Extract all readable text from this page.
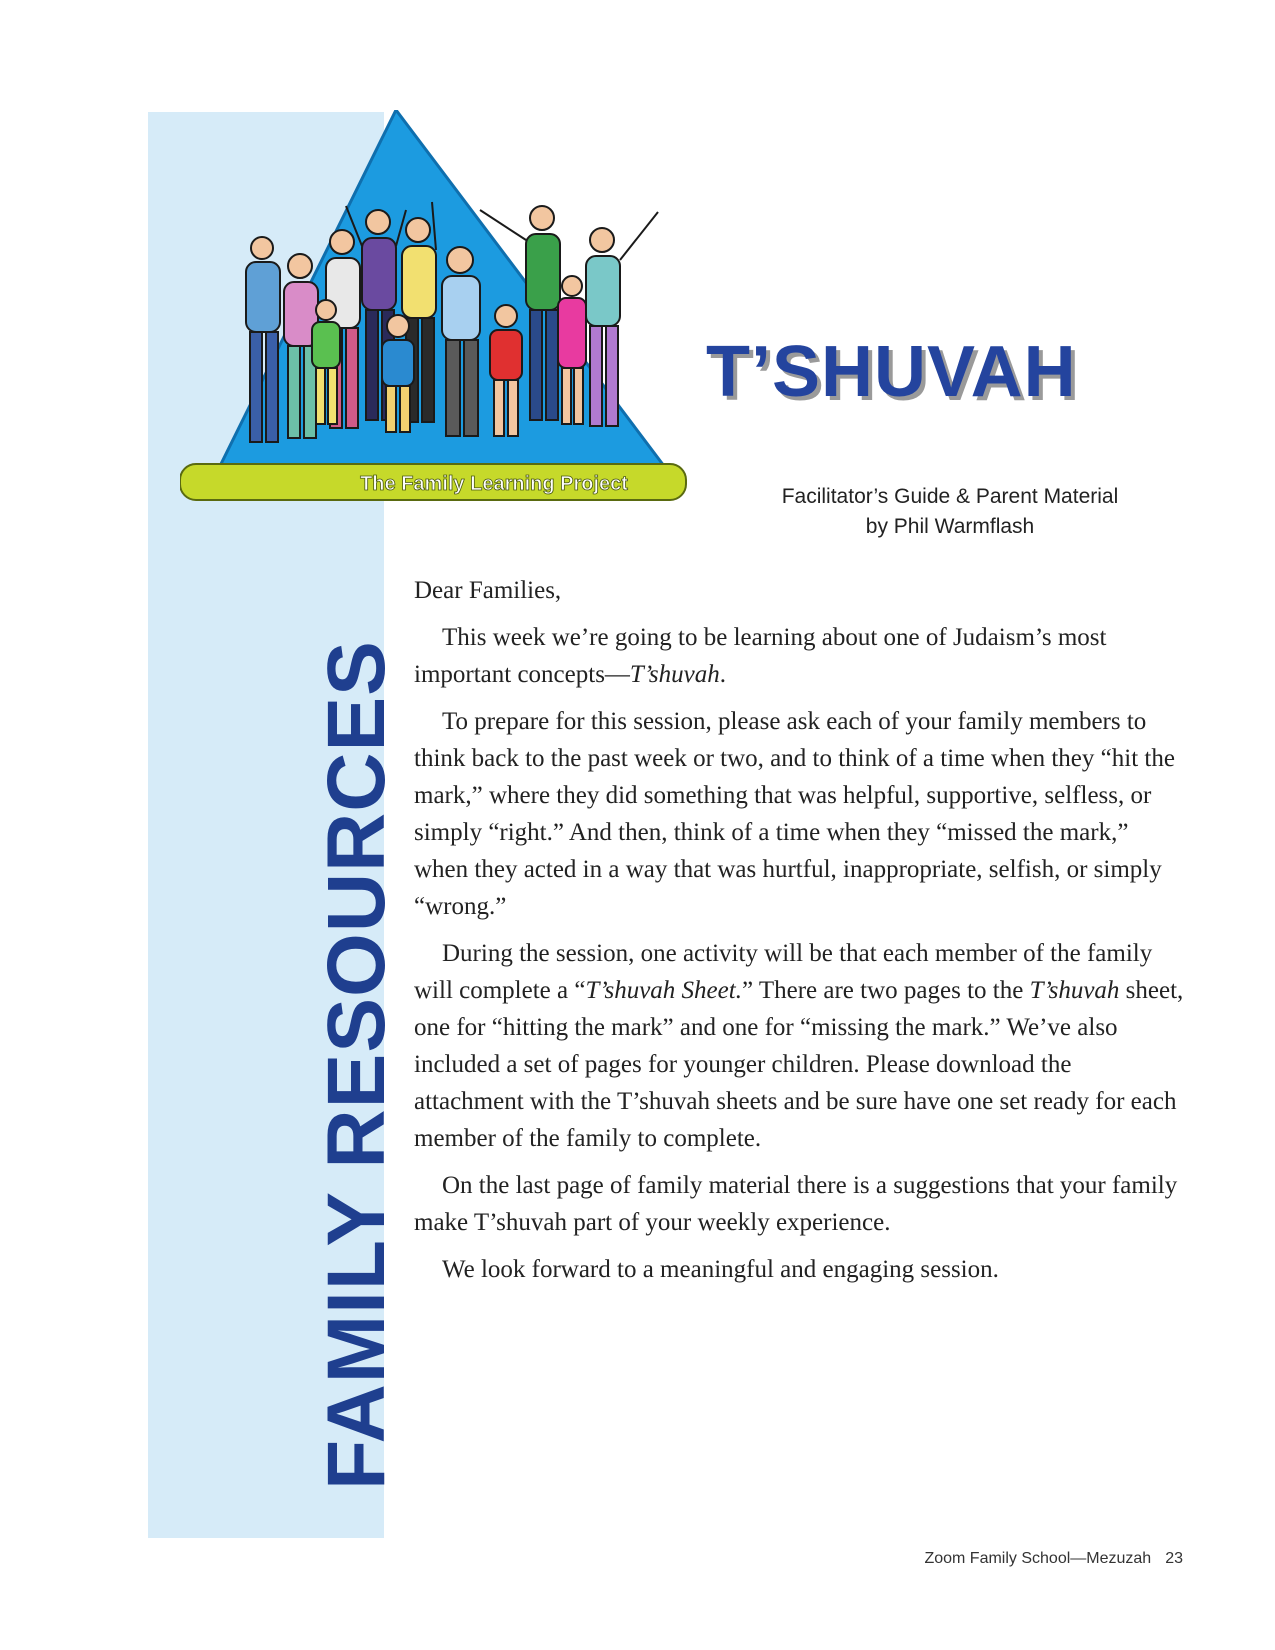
FAMILY RESOURCES
The Family Learning Project
T’SHUVAH
Facilitator’s Guide & Parent Material
by Phil Warmflash

Dear Families,

This week we’re going to be learning about one of Judaism’s most important concepts—T’shuvah.

To prepare for this session, please ask each of your family members to think back to the past week or two, and to think of a time when they “hit the mark,” where they did something that was helpful, supportive, selfless, or simply “right.” And then, think of a time when they “missed the mark,” when they acted in a way that was hurtful, inappropriate, selfish, or simply “wrong.”

During the session, one activity will be that each member of the family will complete a “T’shuvah Sheet.” There are two pages to the T’shuvah sheet, one for “hitting the mark” and one for “missing the mark.” We’ve also included a set of pages for younger children. Please download the attachment with the T’shuvah sheets and be sure have one set ready for each member of the family to complete.

On the last page of family material there is a suggestions that your family make T’shuvah part of your weekly experience.

We look forward to a meaningful and engaging session.

Zoom Family School—Mezuzah 23
